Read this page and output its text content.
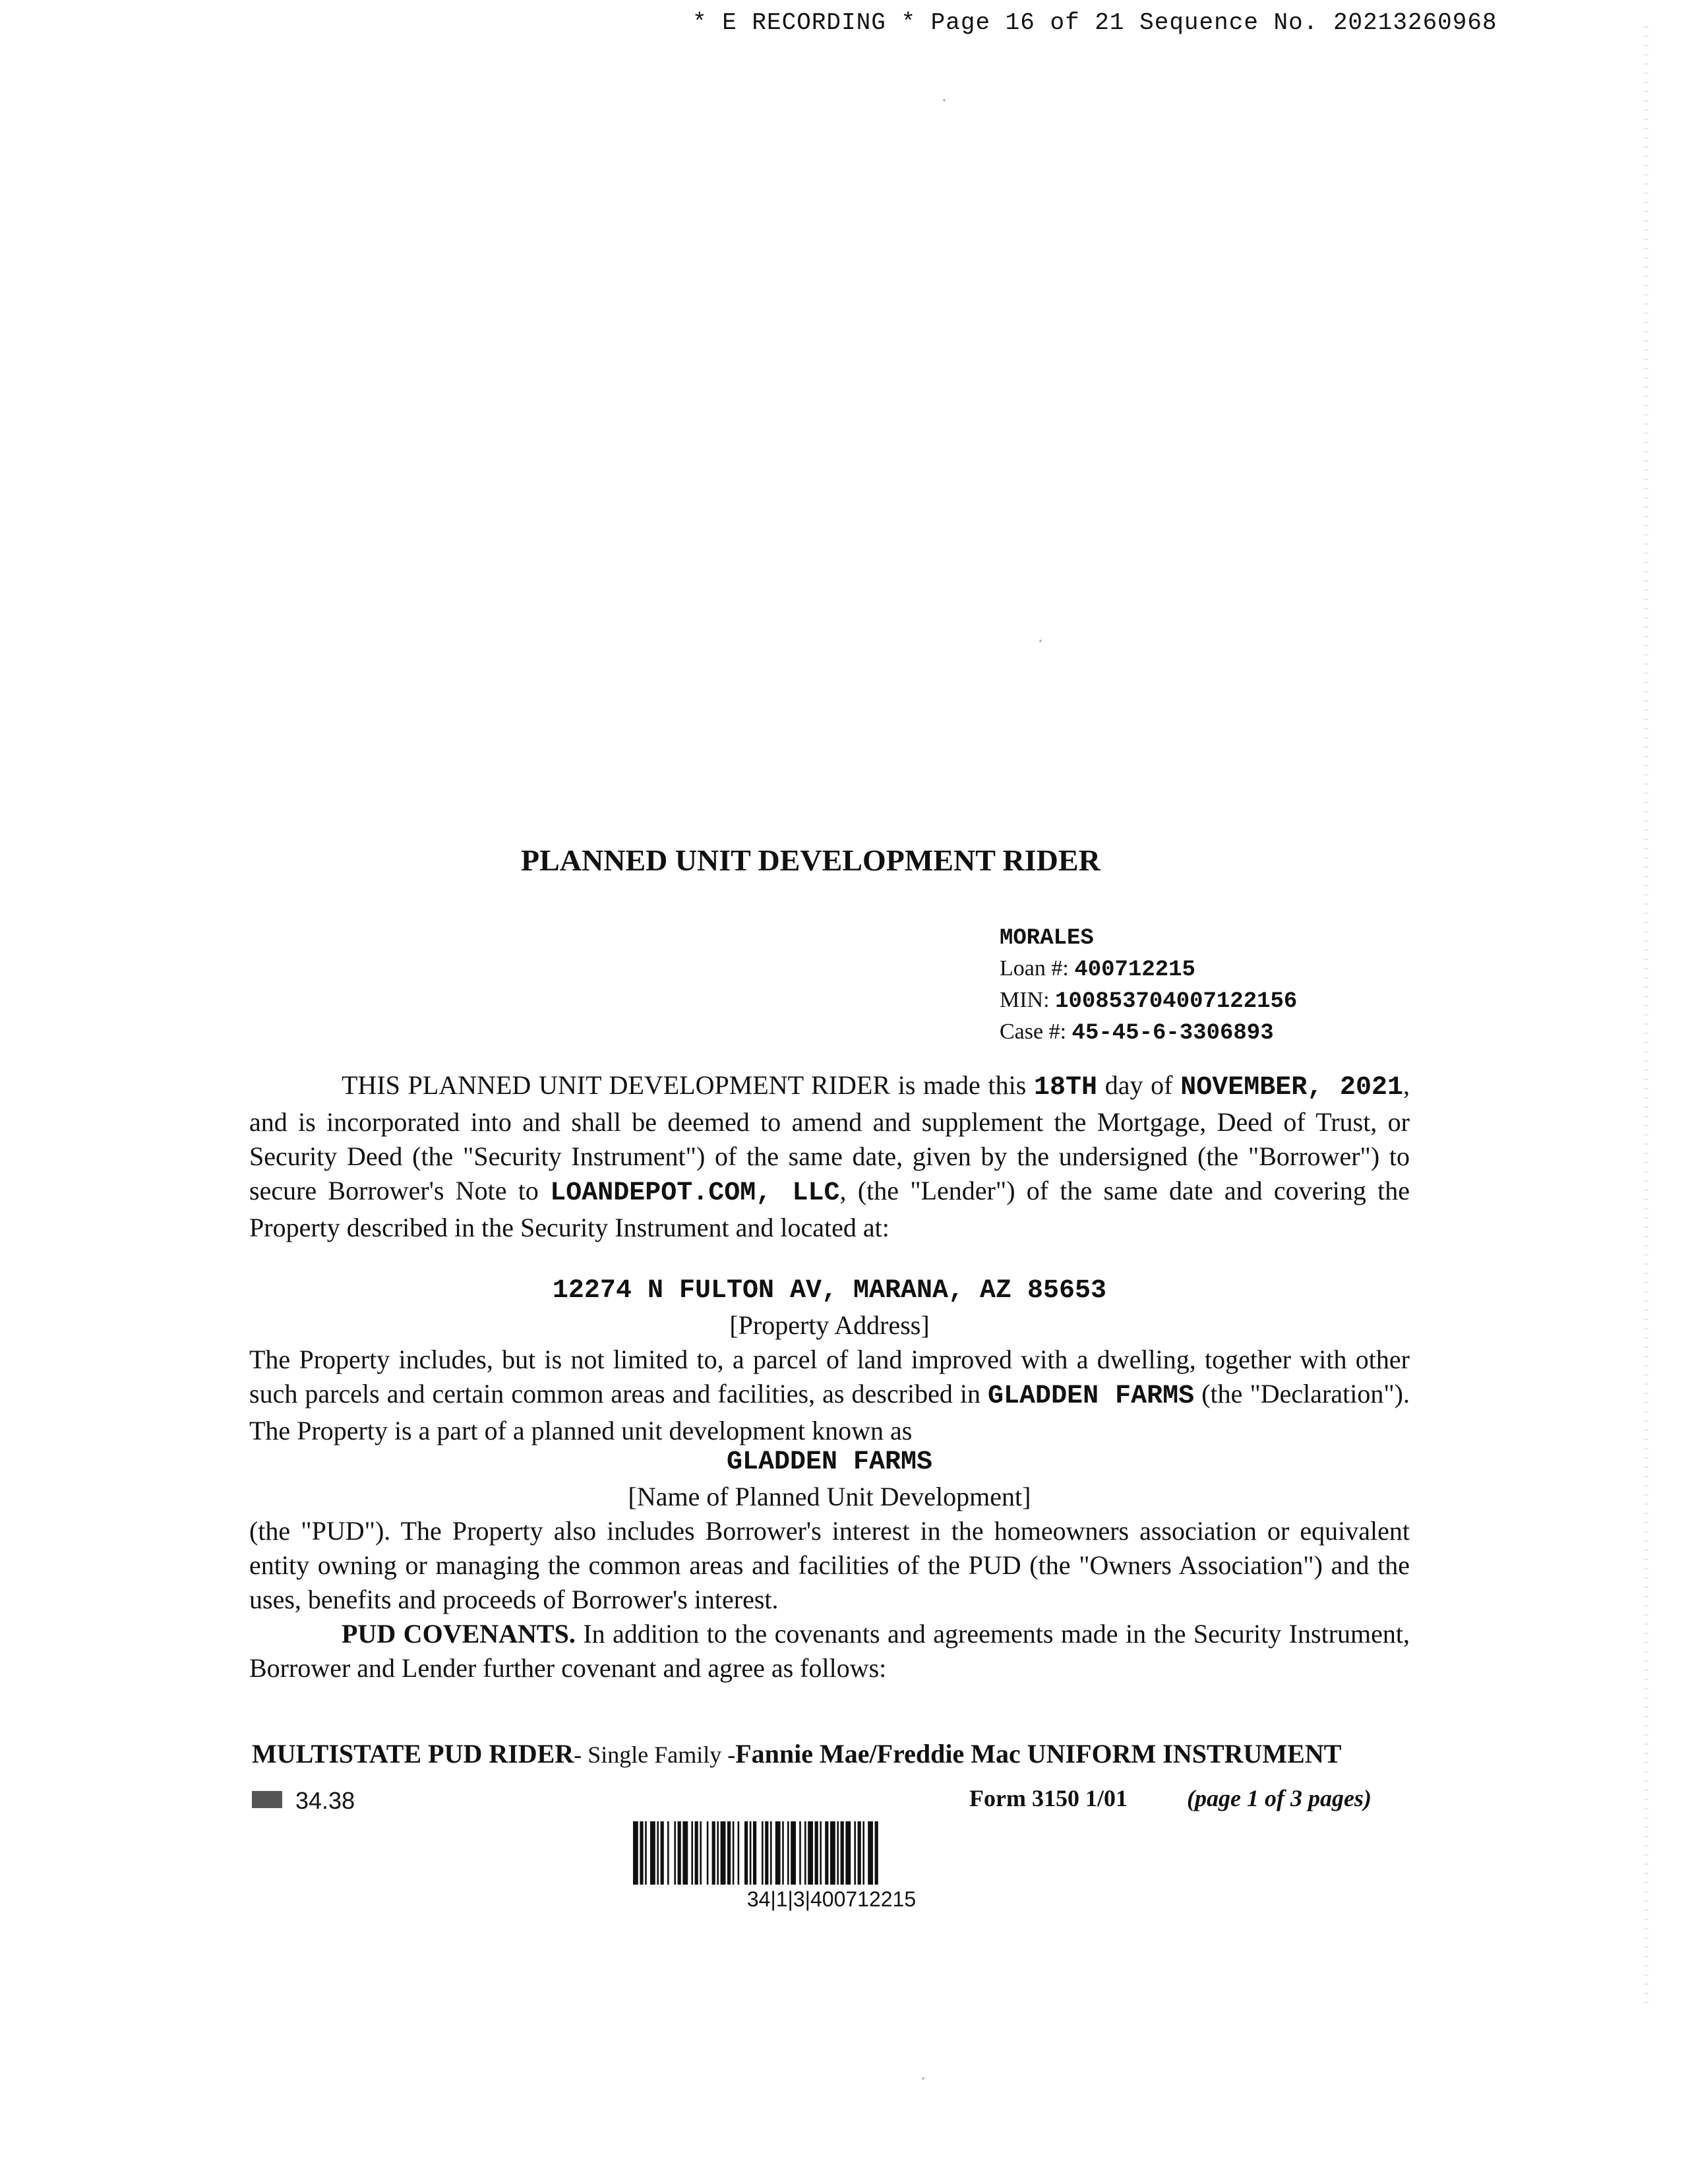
* E RECORDING * Page 16 of 21 Sequence No. 20213260968
PLANNED UNIT DEVELOPMENT RIDER
MORALES
Loan #: 400712215
MIN: 100853704007122156
Case #: 45-45-6-3306893
THIS PLANNED UNIT DEVELOPMENT RIDER is made this 18TH day of NOVEMBER, 2021, and is incorporated into and shall be deemed to amend and supplement the Mortgage, Deed of Trust, or Security Deed (the "Security Instrument") of the same date, given by the undersigned (the "Borrower") to secure Borrower's Note to LOANDEPOT.COM, LLC, (the "Lender") of the same date and covering the Property described in the Security Instrument and located at:
12274 N FULTON AV, MARANA, AZ 85653
[Property Address]
The Property includes, but is not limited to, a parcel of land improved with a dwelling, together with other such parcels and certain common areas and facilities, as described in GLADDEN FARMS (the "Declaration"). The Property is a part of a planned unit development known as
GLADDEN FARMS
[Name of Planned Unit Development]
(the "PUD"). The Property also includes Borrower's interest in the homeowners association or equivalent entity owning or managing the common areas and facilities of the PUD (the "Owners Association") and the uses, benefits and proceeds of Borrower's interest.
PUD COVENANTS. In addition to the covenants and agreements made in the Security Instrument, Borrower and Lender further covenant and agree as follows:
MULTISTATE PUD RIDER- Single Family -Fannie Mae/Freddie Mac UNIFORM INSTRUMENT
34.38	Form 3150 1/01	(page 1 of 3 pages)
34|1|3|400712215
